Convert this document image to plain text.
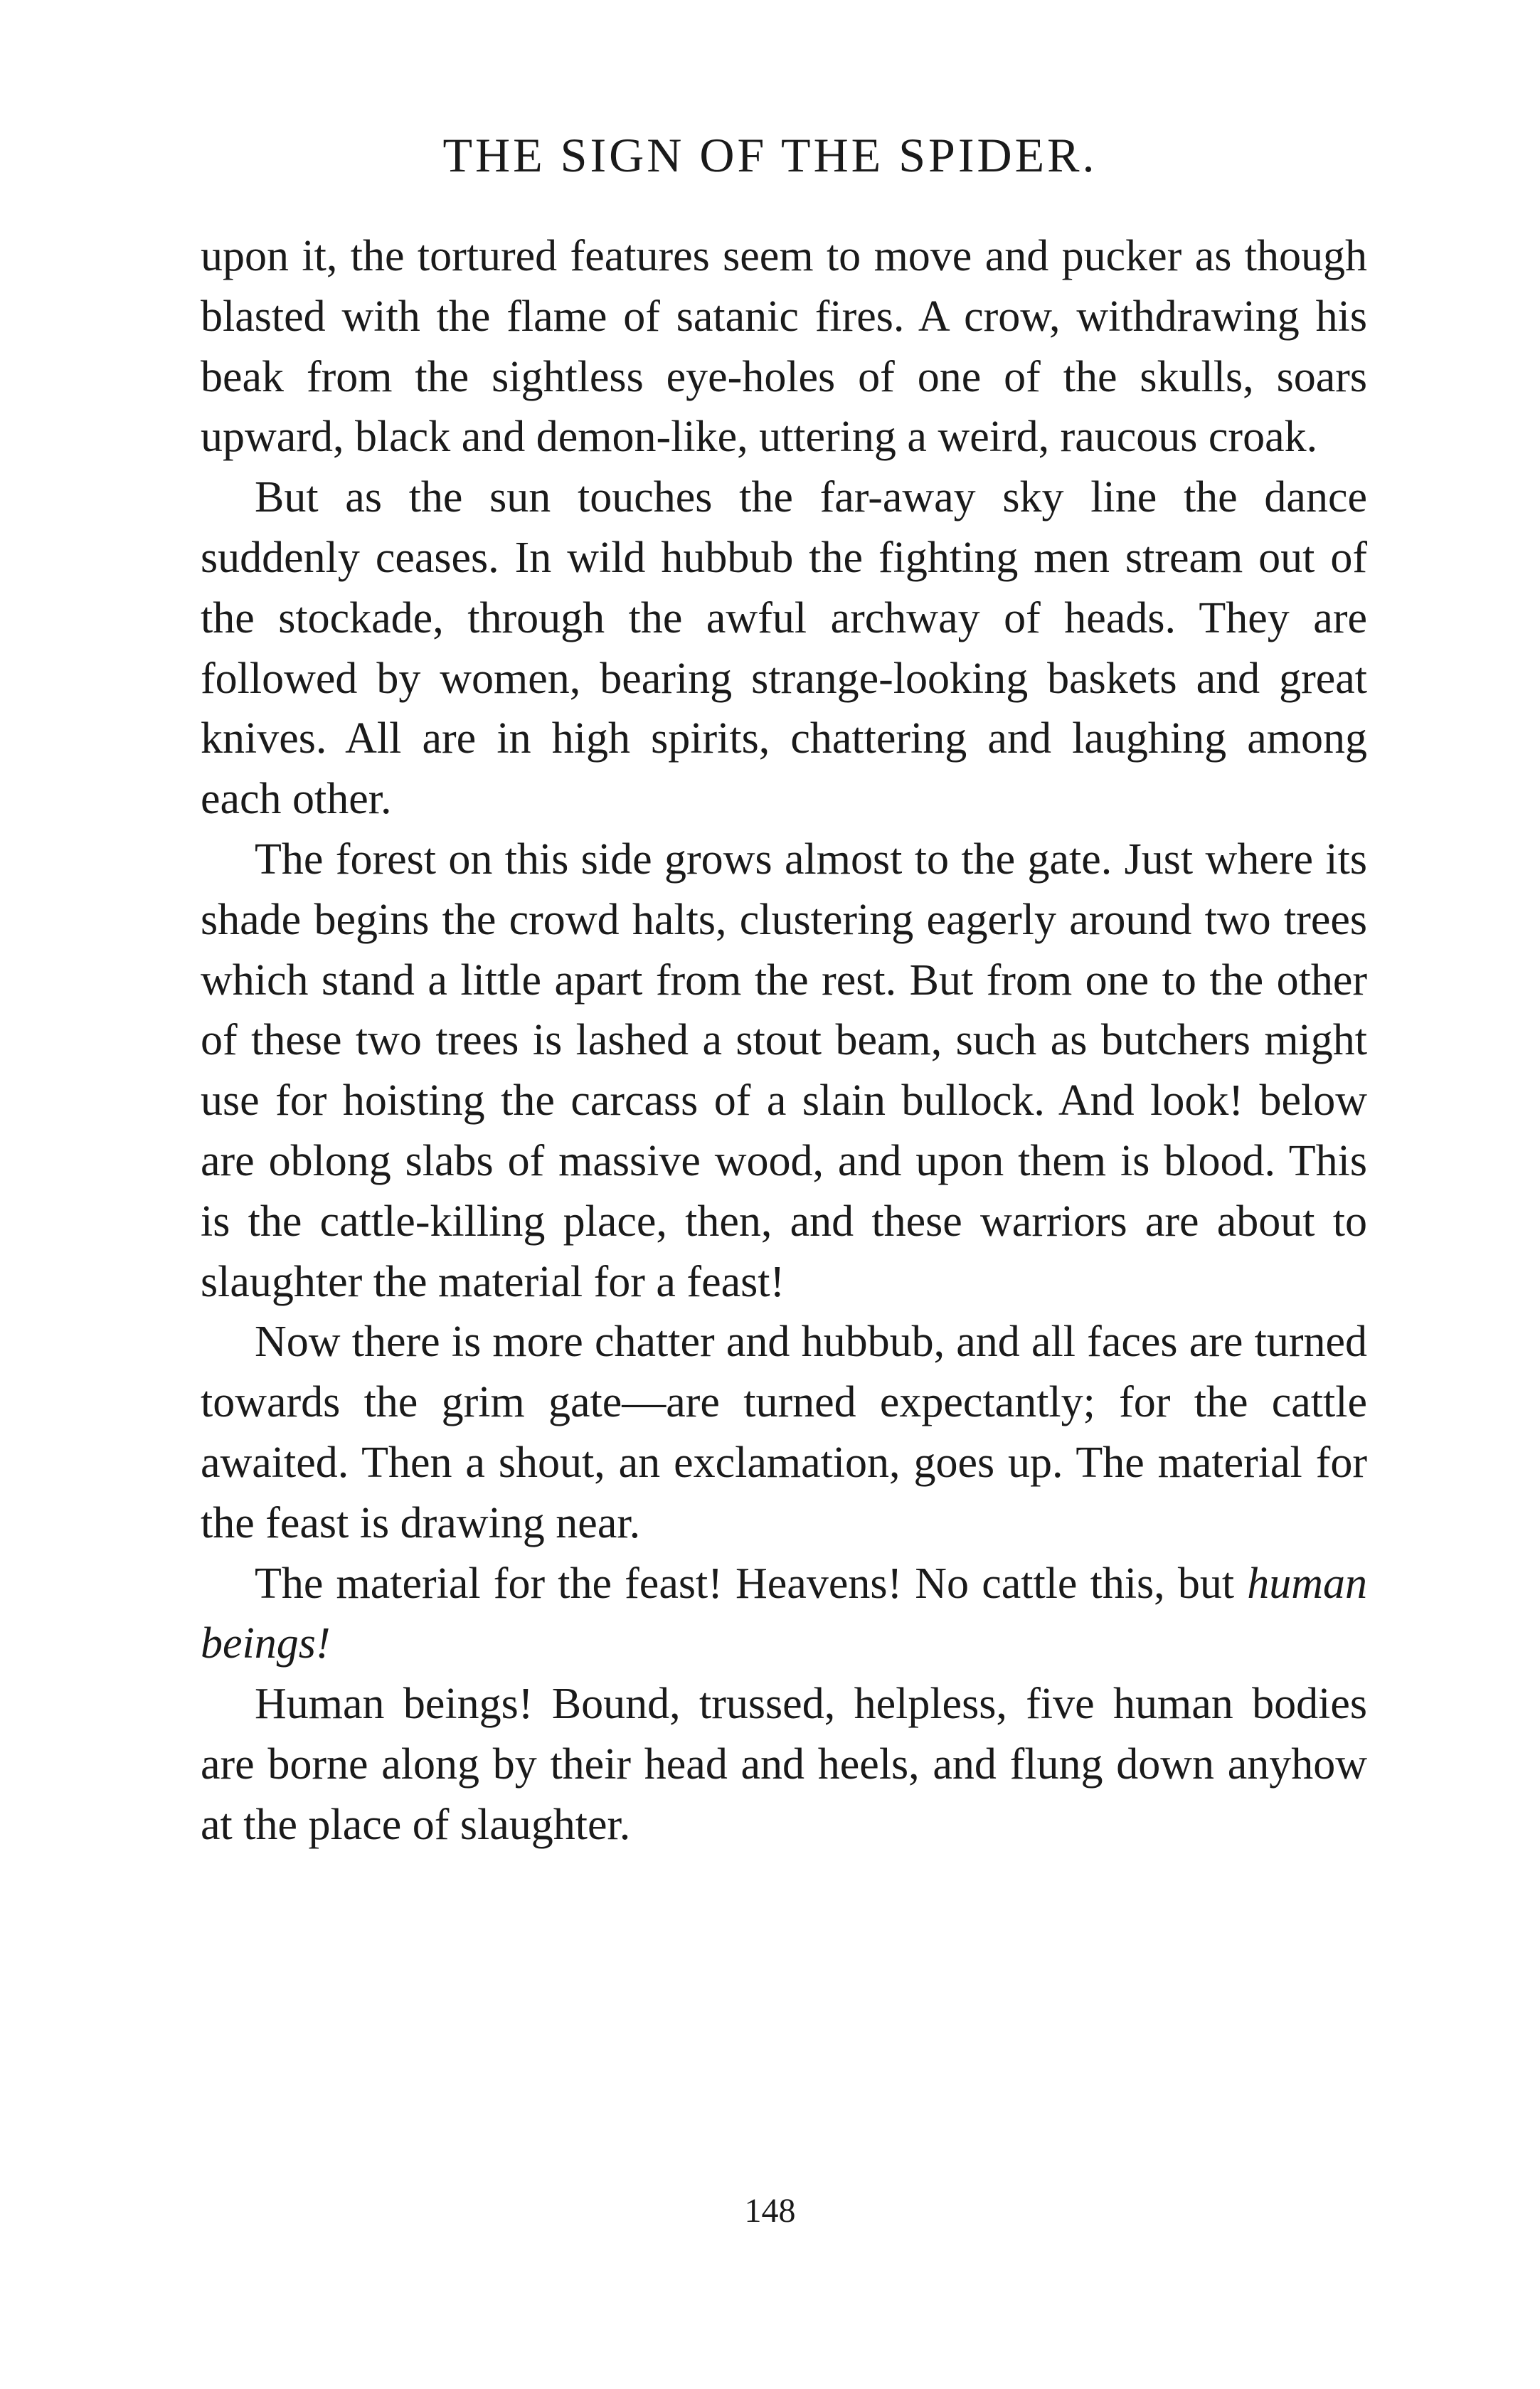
THE SIGN OF THE SPIDER.

upon it, the tortured features seem to move and pucker as though blasted with the flame of satanic fires. A crow, withdrawing his beak from the sightless eye-holes of one of the skulls, soars upward, black and demon-like, uttering a weird, raucous croak.

But as the sun touches the far-away sky line the dance suddenly ceases. In wild hubbub the fighting men stream out of the stockade, through the awful archway of heads. They are followed by women, bearing strange-looking baskets and great knives. All are in high spirits, chattering and laughing among each other.

The forest on this side grows almost to the gate. Just where its shade begins the crowd halts, clustering eagerly around two trees which stand a little apart from the rest. But from one to the other of these two trees is lashed a stout beam, such as butchers might use for hoisting the carcass of a slain bullock. And look! below are oblong slabs of massive wood, and upon them is blood. This is the cattle-killing place, then, and these warriors are about to slaughter the material for a feast!

Now there is more chatter and hubbub, and all faces are turned towards the grim gate—are turned expectantly; for the cattle awaited. Then a shout, an exclamation, goes up. The material for the feast is drawing near.

The material for the feast! Heavens! No cattle this, but human beings!

Human beings! Bound, trussed, helpless, five human bodies are borne along by their head and heels, and flung down anyhow at the place of slaughter.

148
